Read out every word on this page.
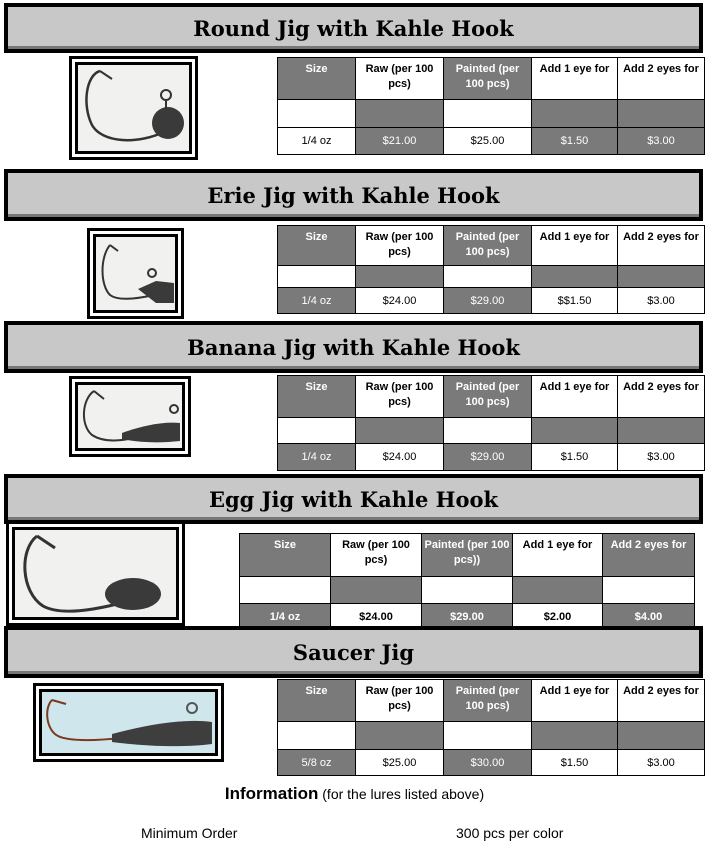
Round Jig with Kahle Hook
Size	Raw (per 100 pcs)	Painted (per 100 pcs)	Add 1 eye for	Add 2 eyes for

1/4 oz	$21.00	$25.00	$1.50	$3.00
Erie Jig with Kahle Hook
Size	Raw (per 100 pcs)	Painted (per 100 pcs)	Add 1 eye for	Add 2 eyes for

1/4 oz	$24.00	$29.00	$$1.50	$3.00
Banana Jig with Kahle Hook
Size	Raw (per 100 pcs)	Painted (per 100 pcs)	Add 1 eye for	Add 2 eyes for

1/4 oz	$24.00	$29.00	$1.50	$3.00
Egg Jig with Kahle Hook
Size	Raw (per 100 pcs)	Painted (per 100 pcs))	Add 1 eye for	Add 2 eyes for

1/4 oz	$24.00	$29.00	$2.00	$4.00
Saucer Jig
Size	Raw (per 100 pcs)	Painted (per 100 pcs)	Add 1 eye for	Add 2 eyes for

5/8 oz	$25.00	$30.00	$1.50	$3.00
Information (for the lures listed above)
Minimum Order	300 pcs per color
